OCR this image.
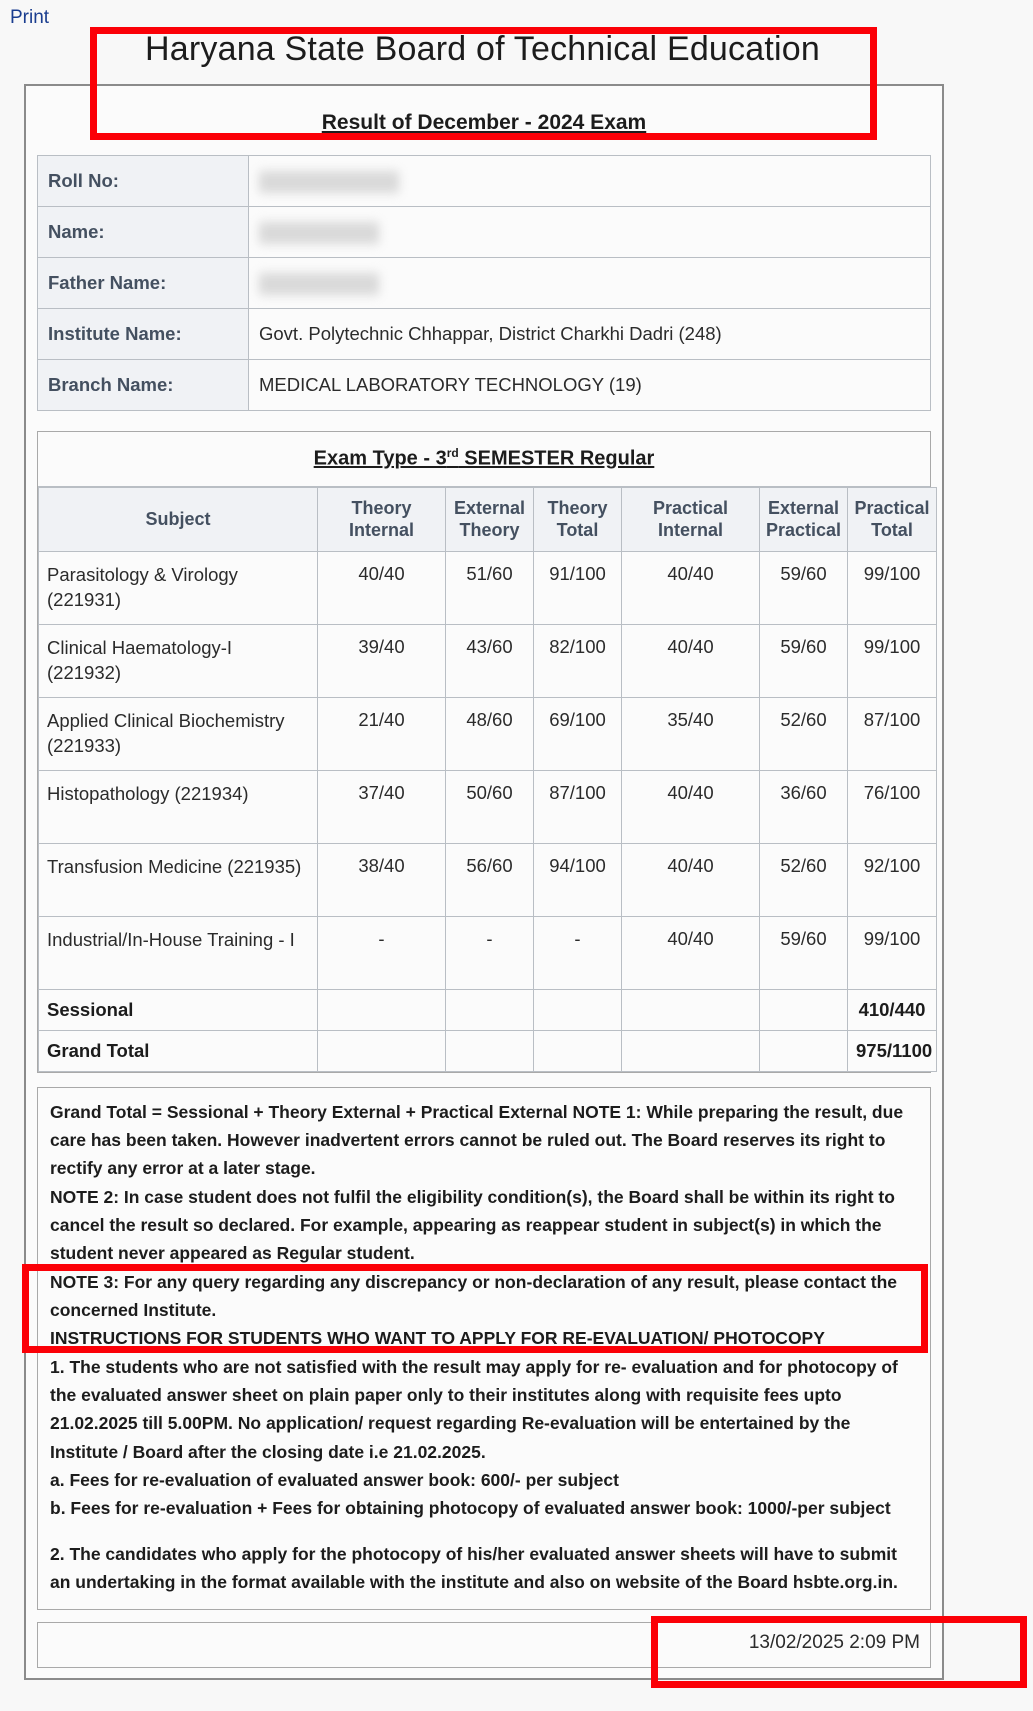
Print
Haryana State Board of Technical Education
Result of December - 2024 Exam
Roll No:	
Name:	
Father Name:	
Institute Name:	Govt. Polytechnic Chhappar, District Charkhi Dadri (248)
Branch Name:	MEDICAL LABORATORY TECHNOLOGY (19)
Exam Type - 3rd SEMESTER Regular
Subject	Theory Internal	External Theory	Theory Total	Practical Internal	External Practical	Practical Total
Parasitology & Virology (221931)	40/40	51/60	91/100	40/40	59/60	99/100
Clinical Haematology-I (221932)	39/40	43/60	82/100	40/40	59/60	99/100
Applied Clinical Biochemistry (221933)	21/40	48/60	69/100	35/40	52/60	87/100
Histopathology (221934)	37/40	50/60	87/100	40/40	36/60	76/100
Transfusion Medicine (221935)	38/40	56/60	94/100	40/40	52/60	92/100
Industrial/In-House Training - I	-	-	-	40/40	59/60	99/100
Sessional						410/440
Grand Total						975/1100

Grand Total = Sessional + Theory External + Practical External NOTE 1: While preparing the result, due care has been taken. However inadvertent errors cannot be ruled out. The Board reserves its right to rectify any error at a later stage.

NOTE 2: In case student does not fulfil the eligibility condition(s), the Board shall be within its right to cancel the result so declared. For example, appearing as reappear student in subject(s) in which the student never appeared as Regular student.

NOTE 3: For any query regarding any discrepancy or non-declaration of any result, please contact the concerned Institute.

INSTRUCTIONS FOR STUDENTS WHO WANT TO APPLY FOR RE-EVALUATION/ PHOTOCOPY

1. The students who are not satisfied with the result may apply for re- evaluation and for photocopy of the evaluated answer sheet on plain paper only to their institutes along with requisite fees upto 21.02.2025 till 5.00PM. No application/ request regarding Re-evaluation will be entertained by the Institute / Board after the closing date i.e 21.02.2025.

a. Fees for re-evaluation of evaluated answer book: 600/- per subject

b. Fees for re-evaluation + Fees for obtaining photocopy of evaluated answer book: 1000/-per subject

2. The candidates who apply for the photocopy of his/her evaluated answer sheets will have to submit an undertaking in the format available with the institute and also on website of the Board hsbte.org.in.

13/02/2025 2:09 PM
